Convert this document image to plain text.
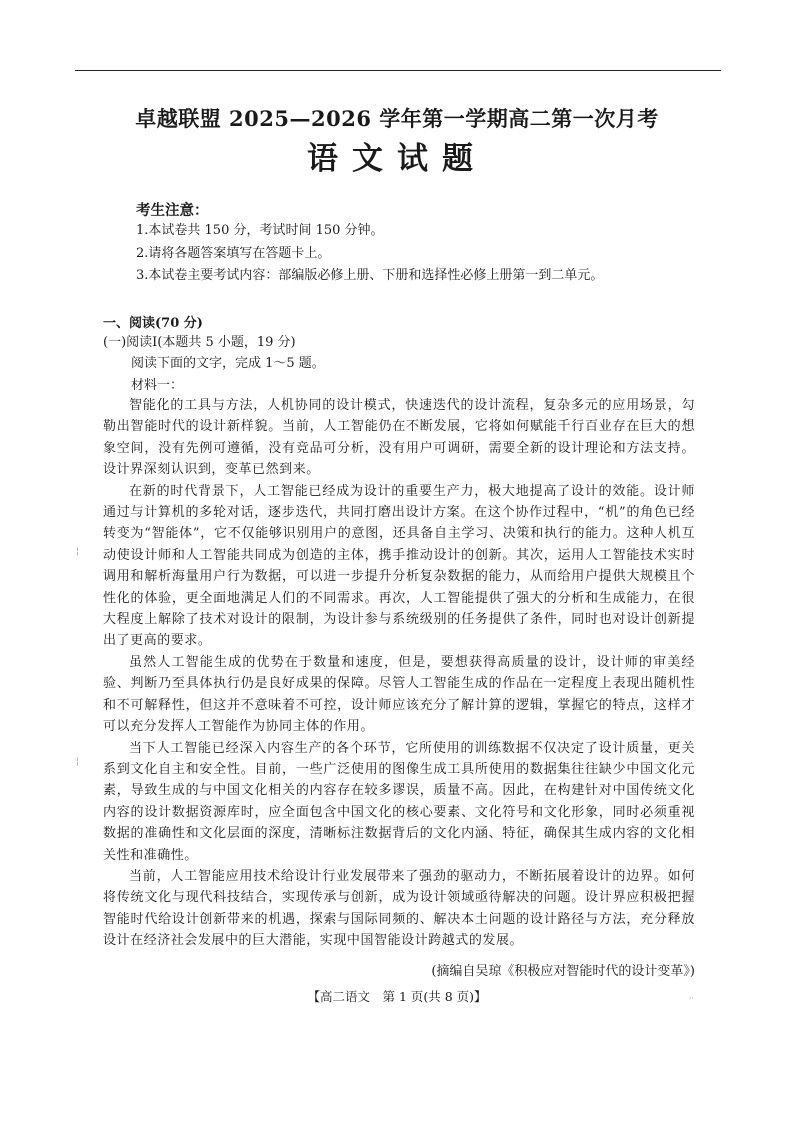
卓越联盟 2025—2026 学年第一学期高二第一次月考
语文试题
考生注意：
1.本试卷共 150 分，考试时间 150 分钟。
2.请将各题答案填写在答题卡上。
3.本试卷主要考试内容：部编版必修上册、下册和选择性必修上册第一到二单元。
一、阅读(70 分)
(一)阅读Ⅰ(本题共 5 小题，19 分)
阅读下面的文字，完成 1～5 题。
材料一：

智能化的工具与方法，人机协同的设计模式，快速迭代的设计流程，复杂多元的应用场景，勾勒出智能时代的设计新样貌。当前，人工智能仍在不断发展，它将如何赋能千行百业存在巨大的想象空间，没有先例可遵循，没有竞品可分析，没有用户可调研，需要全新的设计理论和方法支持。设计界深刻认识到，变革已然到来。

在新的时代背景下，人工智能已经成为设计的重要生产力，极大地提高了设计的效能。设计师通过与计算机的多轮对话，逐步迭代，共同打磨出设计方案。在这个协作过程中，“机”的角色已经转变为“智能体”，它不仅能够识别用户的意图，还具备自主学习、决策和执行的能力。这种人机互动使设计师和人工智能共同成为创造的主体，携手推动设计的创新。其次，运用人工智能技术实时调用和解析海量用户行为数据，可以进一步提升分析复杂数据的能力，从而给用户提供大规模且个性化的体验，更全面地满足人们的不同需求。再次，人工智能提供了强大的分析和生成能力，在很大程度上解除了技术对设计的限制，为设计参与系统级别的任务提供了条件，同时也对设计创新提出了更高的要求。

虽然人工智能生成的优势在于数量和速度，但是，要想获得高质量的设计，设计师的审美经验、判断乃至具体执行仍是良好成果的保障。尽管人工智能生成的作品在一定程度上表现出随机性和不可解释性，但这并不意味着不可控，设计师应该充分了解计算的逻辑，掌握它的特点，这样才可以充分发挥人工智能作为协同主体的作用。

当下人工智能已经深入内容生产的各个环节，它所使用的训练数据不仅决定了设计质量，更关系到文化自主和安全性。目前，一些广泛使用的图像生成工具所使用的数据集往往缺少中国文化元素，导致生成的与中国文化相关的内容存在较多谬误，质量不高。因此，在构建针对中国传统文化内容的设计数据资源库时，应全面包含中国文化的核心要素、文化符号和文化形象，同时必须重视数据的准确性和文化层面的深度，清晰标注数据背后的文化内涵、特征，确保其生成内容的文化相关性和准确性。

当前，人工智能应用技术给设计行业发展带来了强劲的驱动力，不断拓展着设计的边界。如何将传统文化与现代科技结合，实现传承与创新，成为设计领域亟待解决的问题。设计界应积极把握智能时代给设计创新带来的机遇，探索与国际同频的、解决本土问题的设计路径与方法，充分释放设计在经济社会发展中的巨大潜能，实现中国智能设计跨越式的发展。

(摘编自吴琼《积极应对智能时代的设计变革》)
【高二语文　第 1 页(共 8 页)】	··
¦
¦
